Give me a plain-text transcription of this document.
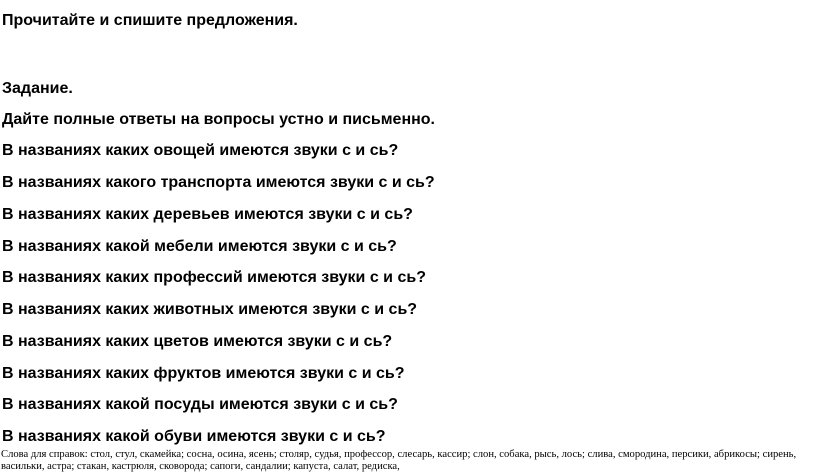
Прочитайте и спишите предложения.
Задание.
Дайте полные ответы на вопросы устно и письменно.
В названиях каких овощей имеются звуки с и сь?
В названиях какого транспорта имеются звуки с и сь?
В названиях каких деревьев имеются звуки с и сь?
В названиях какой мебели имеются звуки с и сь?
В названиях каких профессий имеются звуки с и сь?
В названиях каких животных имеются звуки с и сь?
В названиях каких цветов имеются звуки с и сь?
В названиях каких фруктов имеются звуки с и сь?
В названиях какой посуды имеются звуки с и сь?
В названиях какой обуви имеются звуки с и сь?
Слова для справок: стол, стул, скамейка; сосна, осина, ясень; столяр, судья, профессор, слесарь, кассир; слон, собака, рысь, лось; слива, смородина, персики, абрикосы; сирень, васильки, астра; стакан, кастрюля, сковорода; сапоги, сандалии; капуста, салат, редиска,
